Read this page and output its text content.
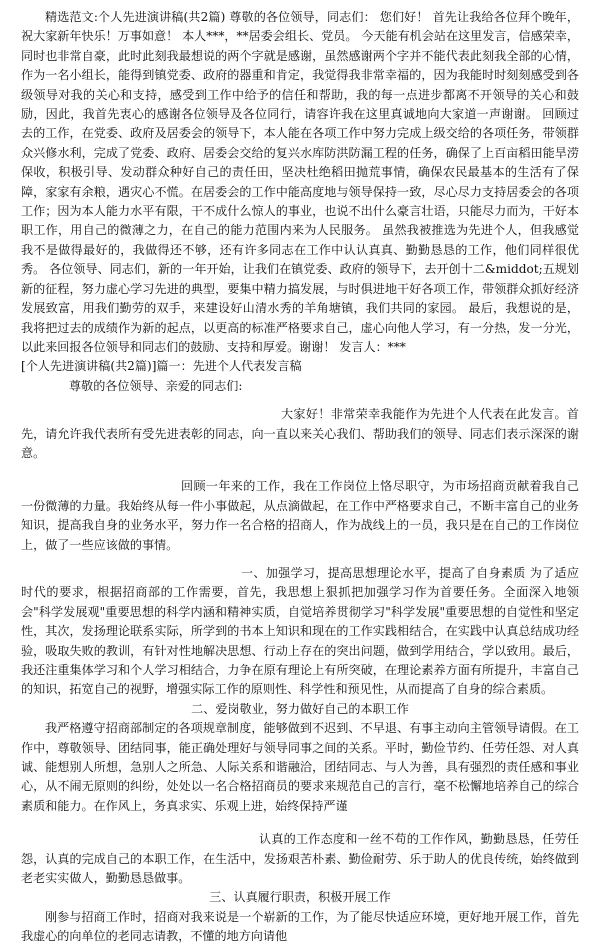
精选范文:个人先进演讲稿(共2篇) 尊敬的各位领导，同志们： 您们好！ 首先让我给各位拜个晚年，祝大家新年快乐！万事如意！ 本人***，**居委会组长、党员。 今天能有机会站在这里发言，信感荣幸，同时也非常自豪，此时此刻我最想说的两个字就是感谢，虽然感谢两个字并不能代表此刻我全部的心情，作为一名小组长，能得到镇党委、政府的器重和肯定，我觉得我非常幸福的，因为我能时时刻刻感受到各级领导对我的关心和支持，感受到工作中给予的信任和帮助，我的每一点进步都离不开领导的关心和鼓励，因此，我首先衷心的感谢各位领导及各位同行，请容许我在这里真诚地向大家道一声谢谢。 回顾过去的工作，在党委、政府及居委会的领导下，本人能在各项工作中努力完成上级交给的各项任务，带领群众兴修水利，完成了党委、政府、居委会交给的复兴水库防洪防漏工程的任务，确保了上百亩稻田能旱涝保收，积极引导、发动群众种好自己的责任田，坚决杜绝稻田抛荒事情，确保农民最基本的生活有了保障，家家有余粮，遇灾心不慌。在居委会的工作中能高度地与领导保持一致，尽心尽力支持居委会的各项工作；因为本人能力水平有限，干不成什么惊人的事业，也说不出什么豪言壮语，只能尽力而为，干好本职工作，用自己的微薄之力，在自己的能力范围内来为人民服务。 虽然我被推选为先进个人，但我感觉我不是做得最好的，我做得还不够，还有许多同志在工作中认认真真、勤勤恳恳的工作，他们同样很优秀。 各位领导、同志们，新的一年开始，让我们在镇党委、政府的领导下，去开创十二&middot;五规划新的征程，努力虚心学习先进的典型，要集中精力搞发展，与时俱进地干好各项工作，带领群众抓好经济发展致富，用我们勤劳的双手，来建设好山清水秀的羊角塘镇，我们共同的家园。 最后，我想说的是，我将把过去的成绩作为新的起点，以更高的标准严格要求自己，虚心向他人学习，有一分热，发一分光，以此来回报各位领导和同志们的鼓励、支持和厚爱。谢谢！ 发言人：***

[个人先进演讲稿(共2篇)]篇一：先进个人代表发言稿

尊敬的各位领导、亲爱的同志们:

大家好！非常荣幸我能作为先进个人代表在此发言。首先，请允许我代表所有受先进表彰的同志，向一直以来关心我们、帮助我们的领导、同志们表示深深的谢意。

回顾一年来的工作，我在工作岗位上恪尽职守，为市场招商贡献着我自己一份微薄的力量。我始终从每一件小事做起，从点滴做起，在工作中严格要求自己，不断丰富自己的业务知识，提高我自身的业务水平，努力作一名合格的招商人，作为战线上的一员，我只是在自己的工作岗位上，做了一些应该做的事情。

一、加强学习，提高思想理论水平，提高了自身素质 为了适应时代的要求，根据招商部的工作需要，首先，我思想上狠抓把加强学习作为首要任务。全面深入地领会"科学发展观"重要思想的科学内涵和精神实质，自觉培养贯彻学习"科学发展"重要思想的自觉性和坚定性，其次，发扬理论联系实际，所学到的书本上知识和现在的工作实践相结合，在实践中认真总结成功经验，吸取失败的教训，有针对性地解决思想、行动上存在的突出问题，做到学用结合，学以致用。最后，我还注重集体学习和个人学习相结合，力争在原有理论上有所突破，在理论素养方面有所提升，丰富自己的知识，拓宽自己的视野，增强实际工作的原则性、科学性和预见性，从而提高了自身的综合素质。

二、爱岗敬业，努力做好自己的本职工作

我严格遵守招商部制定的各项规章制度，能够做到不迟到、不早退、有事主动向主管领导请假。在工作中，尊敬领导、团结同事，能正确处理好与领导同事之间的关系。平时，勤俭节约、任劳任怨、对人真诚、能想别人所想，急别人之所急、人际关系和谐融洽，团结同志、与人为善，具有强烈的责任感和事业心，从不闹无原则的纠纷，处处以一名合格招商员的要求来规范自己的言行，毫不松懈地培养自己的综合素质和能力。在作风上，务真求实、乐观上进，始终保持严谨

认真的工作态度和一丝不苟的工作作风，勤勤恳恳，任劳任怨，认真的完成自己的本职工作，在生活中，发扬艰苦朴素、勤俭耐劳、乐于助人的优良传统，始终做到老老实实做人，勤勤恳恳做事。

三、认真履行职责，积极开展工作

刚参与招商工作时，招商对我来说是一个崭新的工作，为了能尽快适应环境，更好地开展工作，首先我虚心的向单位的老同志请教，不懂的地方向请他
